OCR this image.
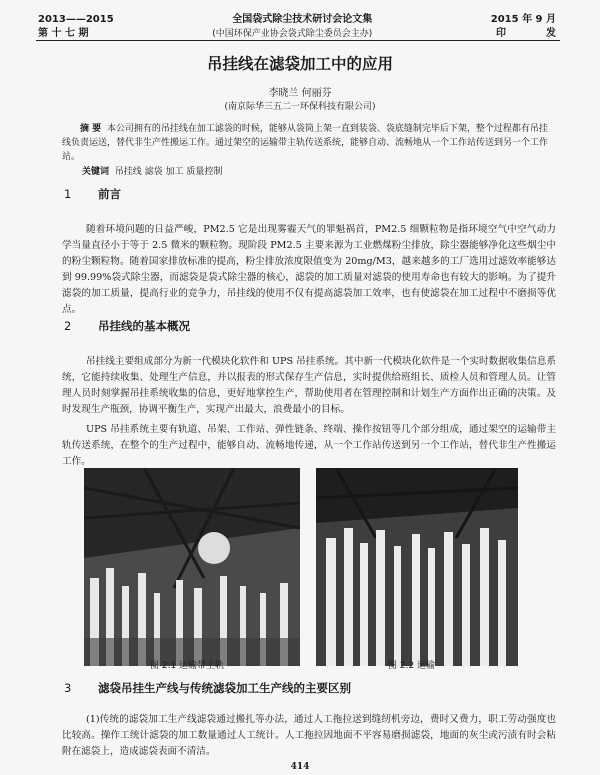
2013——2015	全国袋式除尘技术研讨会论文集	2015 年 9 月
第 十 七 期	(中国环保产业协会袋式除尘委员会主办)	印	发
吊挂线在滤袋加工中的应用
李晓兰 何丽芬
(南京际华三五二一环保科技有限公司)
摘 要 本公司拥有的吊挂线在加工滤袋的时候，能够从袋筒上架一直到装袋、袋底缝制完毕后下架，整个过程都有吊挂线负责运送，替代非生产性搬运工作。通过架空的运输带主轨传送系统，能够自动、流畅地从一个工作站传送到另一个工作站。
关键词 吊挂线 滤袋 加工 质量控制
1 前言
随着环境问题的日益严峻，PM2.5 它是出现雾霾天气的罪魁祸首，PM2.5 细颗粒物是指环境空气中空气动力学当量直径小于等于 2.5 微米的颗粒物。现阶段 PM2.5 主要来源为工业燃煤粉尘排放，除尘器能够净化这些烟尘中的粉尘颗粒物。随着国家排放标准的提高，粉尘排放浓度限值变为 20mg/M3，越来越多的工厂选用过滤效率能够达到 99.99%袋式除尘器，而滤袋是袋式除尘器的核心，滤袋的加工质量对滤袋的使用寿命也有较大的影响。为了提升滤袋的加工质量，提高行业的竞争力，吊挂线的使用不仅有提高滤袋加工效率，也有使滤袋在加工过程中不磨损等优点。
2 吊挂线的基本概况
吊挂线主要组成部分为新一代模块化软件和 UPS 吊挂系统。其中新一代模块化软件是一个实时数据收集信息系统，它能持续收集、处理生产信息，并以报表的形式保存生产信息，实时提供给班组长、质检人员和管理人员。让管理人员时刻掌握吊挂系统收集的信息，更好地掌控生产，帮助使用者在管理控制和计划生产方面作出正确的决策。及时发现生产瓶颈，协调平衡生产，实现产出最大，浪费最小的目标。
UPS 吊挂系统主要有轨道、吊架、工作站、弹性链条、终端、操作按钮等几个部分组成，通过架空的运输带主轨传送系统，在整个的生产过程中，能够自动、流畅地传递，从一个工作站传送到另一个工作站，替代非生产性搬运工作。
图 2.1 运输带主轨	图 2.2 运输
3 滤袋吊挂生产线与传统滤袋加工生产线的主要区别
(1)传统的滤袋加工生产线滤袋通过搬扎等办法，通过人工拖拉送到缝纫机旁边，费时又费力，职工劳动强度也比较高。操作工统计滤袋的加工数量通过人工统计。人工拖拉因地面不平容易磨损滤袋，地面的灰尘或污渍有时会粘附在滤袋上，造成滤袋表面不清洁。
414
